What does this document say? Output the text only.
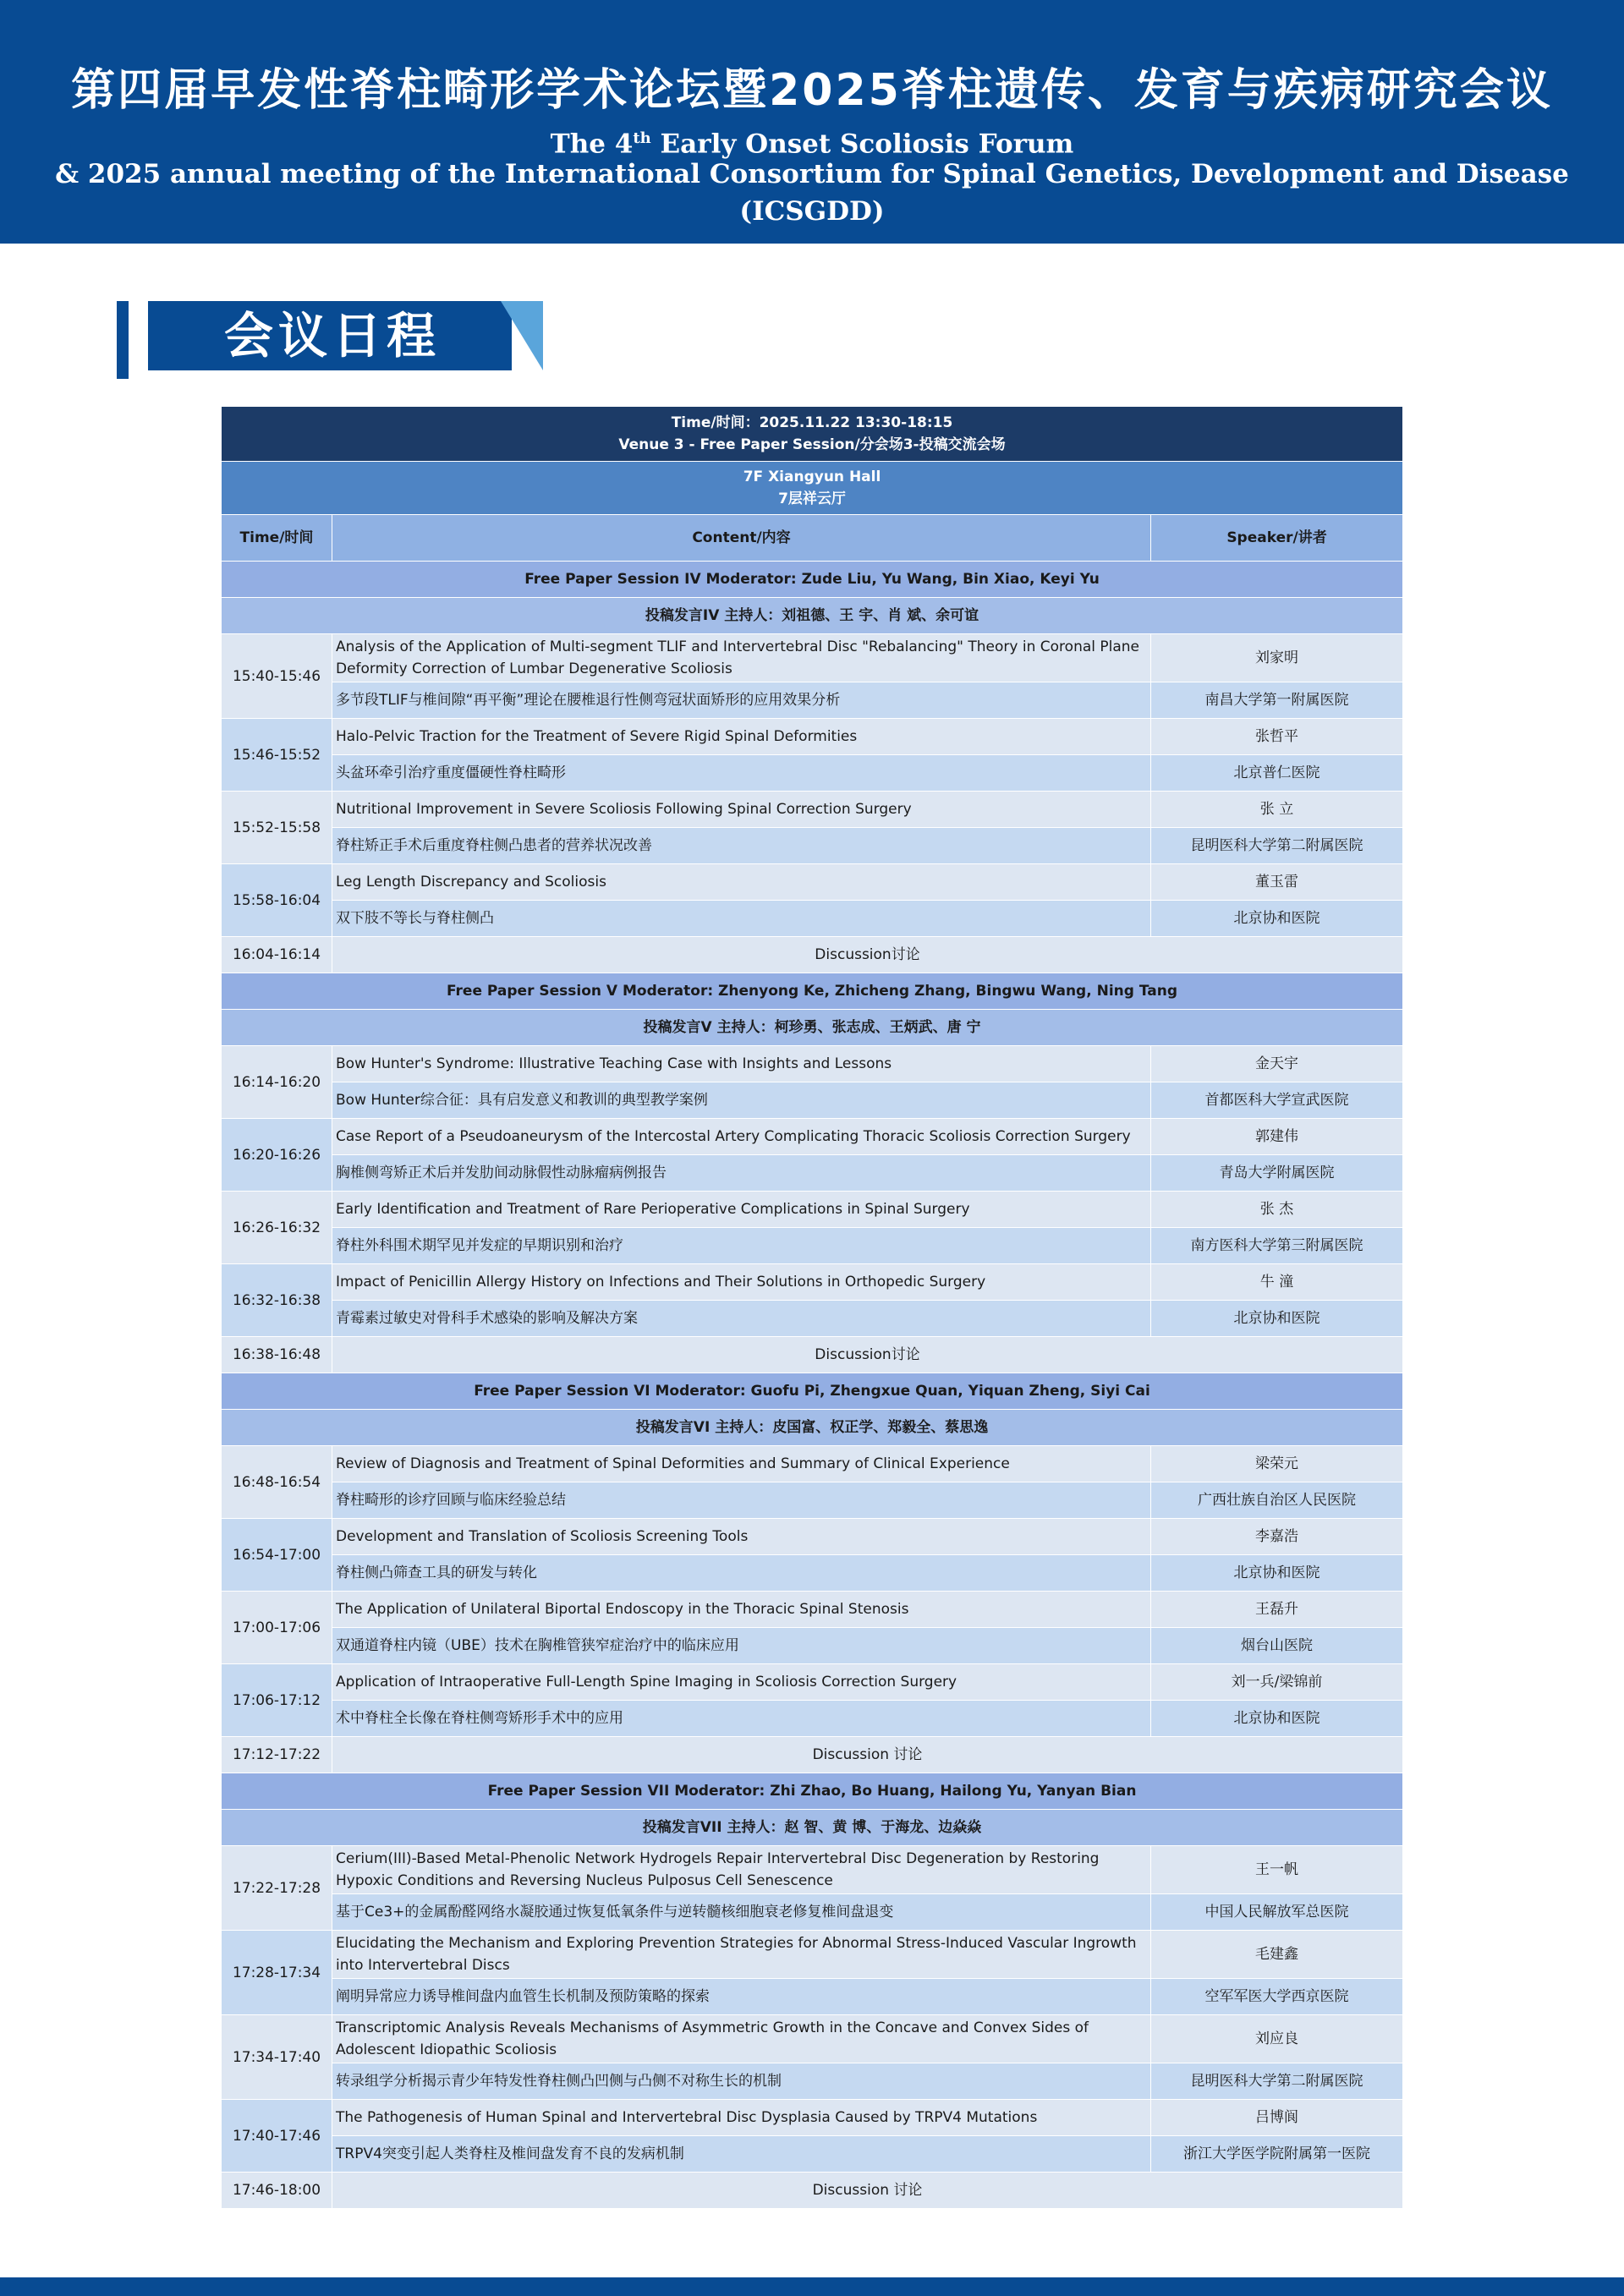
第四届早发性脊柱畸形学术论坛暨2025脊柱遗传、发育与疾病研究会议
The 4th Early Onset Scoliosis Forum
& 2025 annual meeting of the International Consortium for Spinal Genetics, Development and Disease (ICSGDD)
会议日程
Time/时间：2025.11.22 13:30-18:15
Venue 3 - Free Paper Session/分会场3-投稿交流会场		

7F Xiangyun Hall
7层祥云厅		

Time/时间	Content/内容	Speaker/讲者
Free Paper Session IV Moderator: Zude Liu, Yu Wang, Bin Xiao, Keyi Yu		
投稿发言IV 主持人：刘祖德、王 宇、肖 斌、余可谊		
15:40-15:46	Analysis of the Application of Multi-segment TLIF and Intervertebral Disc "Rebalancing" Theory in Coronal Plane Deformity Correction of Lumbar Degenerative Scoliosis	刘家明
	多节段TLIF与椎间隙“再平衡”理论在腰椎退行性侧弯冠状面矫形的应用效果分析	南昌大学第一附属医院
15:46-15:52	Halo-Pelvic Traction for the Treatment of Severe Rigid Spinal Deformities	张哲平
	头盆环牵引治疗重度僵硬性脊柱畸形	北京普仁医院
15:52-15:58	Nutritional Improvement in Severe Scoliosis Following Spinal Correction Surgery	张 立
	脊柱矫正手术后重度脊柱侧凸患者的营养状况改善	昆明医科大学第二附属医院
15:58-16:04	Leg Length Discrepancy and Scoliosis	董玉雷
	双下肢不等长与脊柱侧凸	北京协和医院
16:04-16:14	Discussion讨论	
Free Paper Session V Moderator: Zhenyong Ke, Zhicheng Zhang, Bingwu Wang, Ning Tang		
投稿发言V 主持人：柯珍勇、张志成、王炳武、唐 宁		
16:14-16:20	Bow Hunter's Syndrome: Illustrative Teaching Case with Insights and Lessons	金天宇
	Bow Hunter综合征：具有启发意义和教训的典型教学案例	首都医科大学宣武医院
16:20-16:26	Case Report of a Pseudoaneurysm of the Intercostal Artery Complicating Thoracic Scoliosis Correction Surgery	郭建伟
	胸椎侧弯矫正术后并发肋间动脉假性动脉瘤病例报告	青岛大学附属医院
16:26-16:32	Early Identification and Treatment of Rare Perioperative Complications in Spinal Surgery	张 杰
	脊柱外科围术期罕见并发症的早期识别和治疗	南方医科大学第三附属医院
16:32-16:38	Impact of Penicillin Allergy History on Infections and Their Solutions in Orthopedic Surgery	牛 潼
	青霉素过敏史对骨科手术感染的影响及解决方案	北京协和医院
16:38-16:48	Discussion讨论	
Free Paper Session VI Moderator: Guofu Pi, Zhengxue Quan, Yiquan Zheng, Siyi Cai		
投稿发言VI 主持人：皮国富、权正学、郑毅全、蔡思逸		
16:48-16:54	Review of Diagnosis and Treatment of Spinal Deformities and Summary of Clinical Experience	梁荣元
	脊柱畸形的诊疗回顾与临床经验总结	广西壮族自治区人民医院
16:54-17:00	Development and Translation of Scoliosis Screening Tools	李嘉浩
	脊柱侧凸筛查工具的研发与转化	北京协和医院
17:00-17:06	The Application of Unilateral Biportal Endoscopy in the Thoracic Spinal Stenosis	王磊升
	双通道脊柱内镜（UBE）技术在胸椎管狭窄症治疗中的临床应用	烟台山医院
17:06-17:12	Application of Intraoperative Full-Length Spine Imaging in Scoliosis Correction Surgery	刘一兵/梁锦前
	术中脊柱全长像在脊柱侧弯矫形手术中的应用	北京协和医院
17:12-17:22	Discussion 讨论	
Free Paper Session VII Moderator: Zhi Zhao, Bo Huang, Hailong Yu, Yanyan Bian		
投稿发言VII 主持人：赵 智、黄 博、于海龙、边焱焱		
17:22-17:28	Cerium(III)-Based Metal-Phenolic Network Hydrogels Repair Intervertebral Disc Degeneration by Restoring Hypoxic Conditions and Reversing Nucleus Pulposus Cell Senescence	王一帆
	基于Ce3+的金属酚醛网络水凝胶通过恢复低氧条件与逆转髓核细胞衰老修复椎间盘退变	中国人民解放军总医院
17:28-17:34	Elucidating the Mechanism and Exploring Prevention Strategies for Abnormal Stress-Induced Vascular Ingrowth into Intervertebral Discs	毛建鑫
	阐明异常应力诱导椎间盘内血管生长机制及预防策略的探索	空军军医大学西京医院
17:34-17:40	Transcriptomic Analysis Reveals Mechanisms of Asymmetric Growth in the Concave and Convex Sides of Adolescent Idiopathic Scoliosis	刘应良
	转录组学分析揭示青少年特发性脊柱侧凸凹侧与凸侧不对称生长的机制	昆明医科大学第二附属医院
17:40-17:46	The Pathogenesis of Human Spinal and Intervertebral Disc Dysplasia Caused by TRPV4 Mutations	吕博阆
	TRPV4突变引起人类脊柱及椎间盘发育不良的发病机制	浙江大学医学院附属第一医院
17:46-18:00	Discussion 讨论	
